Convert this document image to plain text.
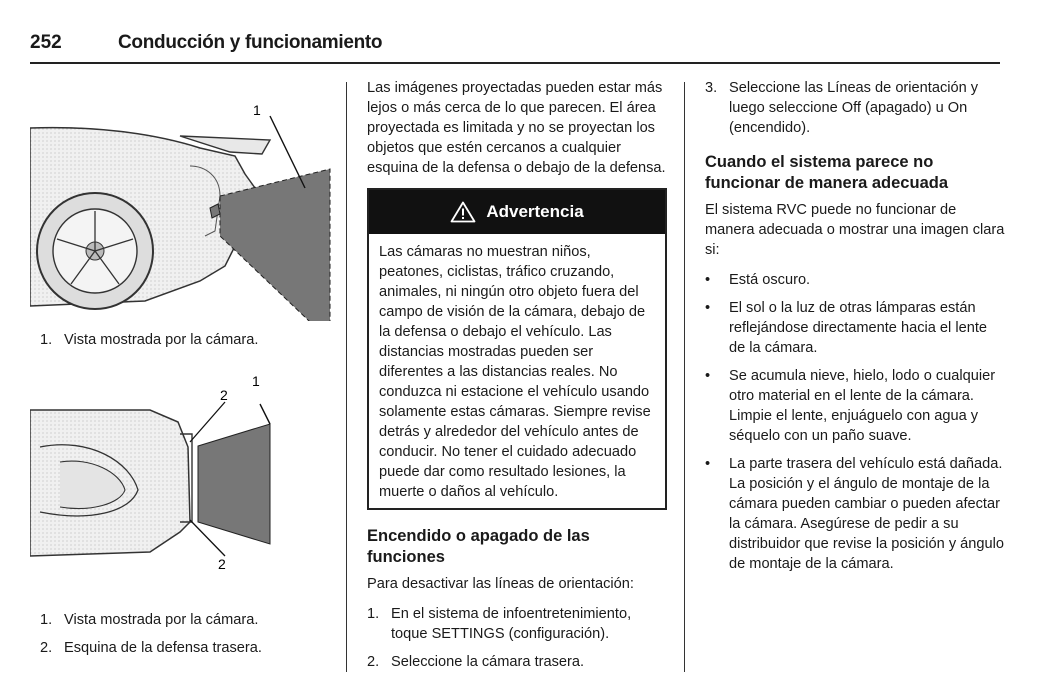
252	Conducción y funcionamiento
1
1. Vista mostrada por la cámara.
1
2
2
1. Vista mostrada por la cámara.
2. Esquina de la defensa trasera.

Las imágenes proyectadas pueden estar más lejos o más cerca de lo que parecen. El área proyectada es limitada y no se proyectan los objetos que estén cercanos a cualquier esquina de la defensa o debajo de la defensa.

Advertencia
Las cámaras no muestran niños, peatones, ciclistas, tráfico cruzando, animales, ni ningún otro objeto fuera del campo de visión de la cámara, debajo de la defensa o debajo el vehículo. Las distancias mostradas pueden ser diferentes a las distancias reales. No conduzca ni estacione el vehículo usando solamente estas cámaras. Siempre revise detrás y alrededor del vehículo antes de conducir. No tener el cuidado adecuado puede dar como resultado lesiones, la muerte o daños al vehículo.
Encendido o apagado de las funciones

Para desactivar las líneas de orientación:

1. En el sistema de infoentretenimiento, toque SETTINGS (configuración).
2. Seleccione la cámara trasera.
3. Seleccione las Líneas de orientación y luego seleccione Off (apagado) u On (encendido).
Cuando el sistema parece no funcionar de manera adecuada

El sistema RVC puede no funcionar de manera adecuada o mostrar una imagen clara si:

• Está oscuro.
• El sol o la luz de otras lámparas están reflejándose directamente hacia el lente de la cámara.
• Se acumula nieve, hielo, lodo o cualquier otro material en el lente de la cámara. Limpie el lente, enjuáguelo con agua y séquelo con un paño suave.
• La parte trasera del vehículo está dañada. La posición y el ángulo de montaje de la cámara pueden cambiar o pueden afectar la cámara. Asegúrese de pedir a su distribuidor que revise la posición y ángulo de montaje de la cámara.
